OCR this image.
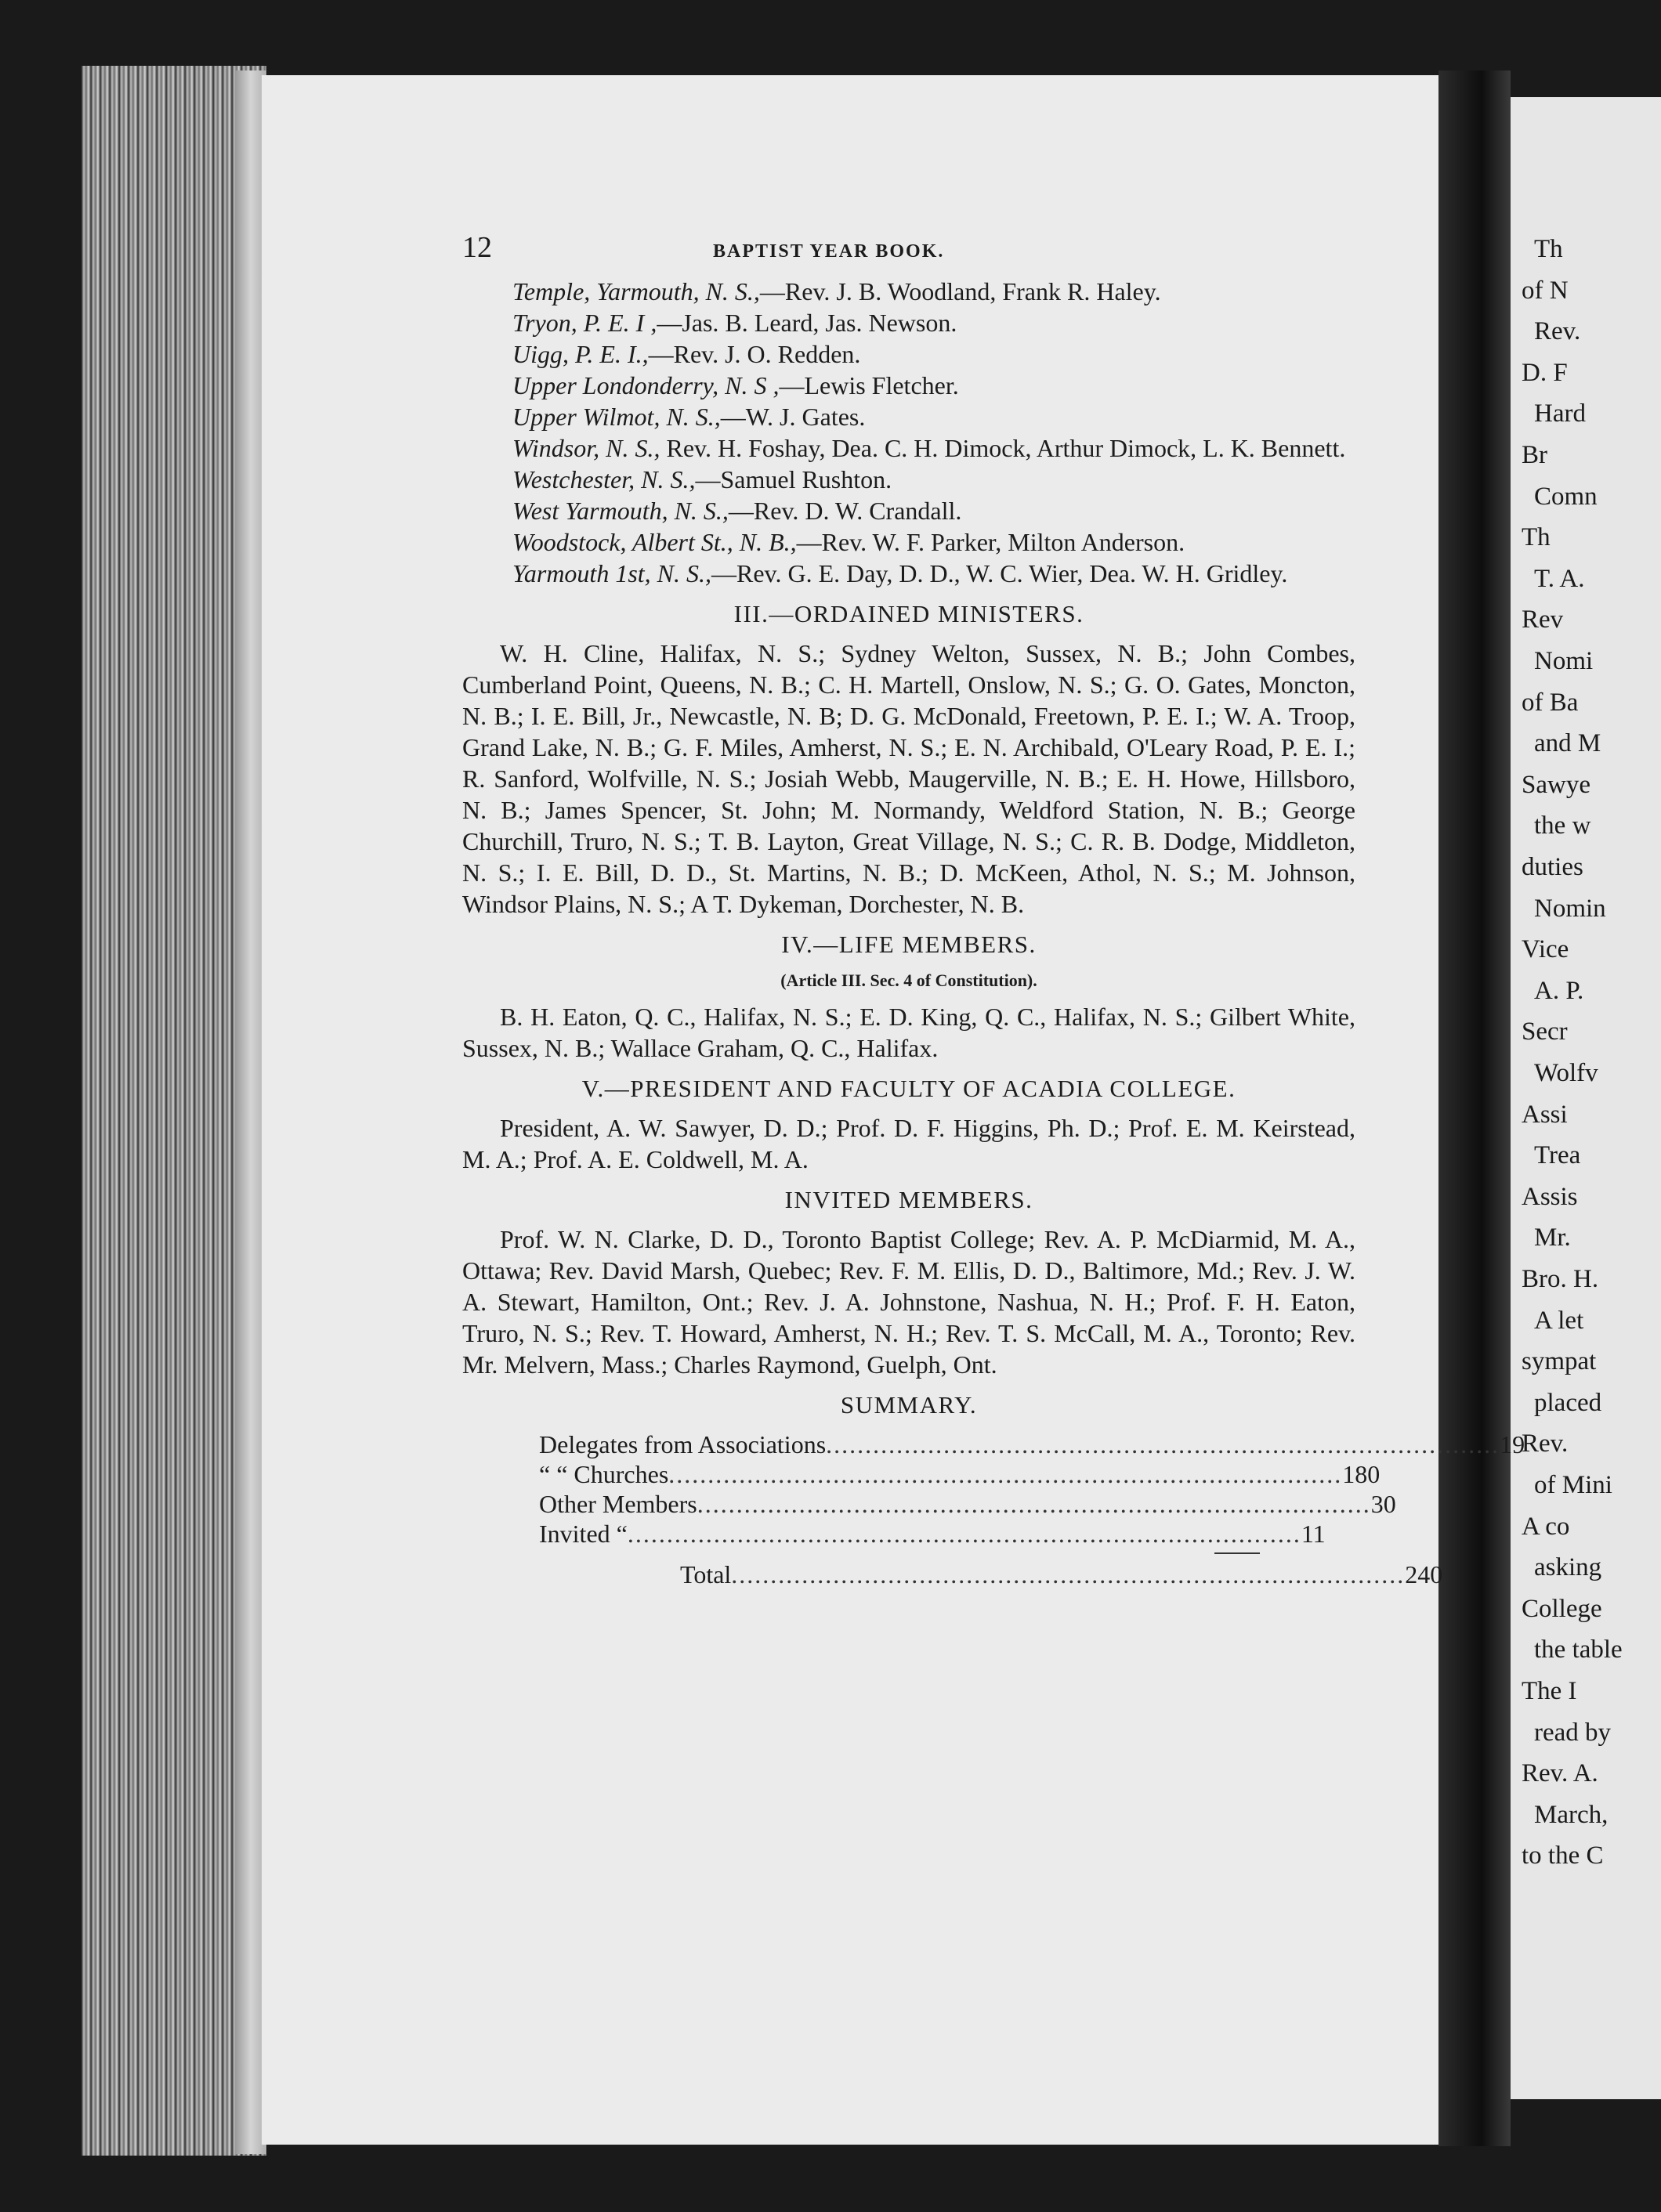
Th
of N
Rev.
D. F
Hard
Br
Comn
Th
T. A.
Rev
Nomi
of Ba
and M
Sawye
the w
duties
Nomin
Vice
A. P.
Secr
Wolfv
Assi
Trea
Assis
Mr.
Bro. H.
A let
sympat
placed
Rev.
of Mini
A co
asking
College
the table
The I
read by
Rev. A.
March,
to the C
12	BAPTIST YEAR BOOK.

Temple, Yarmouth, N. S.,—Rev. J. B. Woodland, Frank R. Haley.

Tryon, P. E. I ,—Jas. B. Leard, Jas. Newson.

Uigg, P. E. I.,—Rev. J. O. Redden.

Upper Londonderry, N. S ,—Lewis Fletcher.

Upper Wilmot, N. S.,—W. J. Gates.

Windsor, N. S., Rev. H. Foshay, Dea. C. H. Dimock, Arthur Dimock, L. K. Bennett.

Westchester, N. S.,—Samuel Rushton.

West Yarmouth, N. S.,—Rev. D. W. Crandall.

Woodstock, Albert St., N. B.,—Rev. W. F. Parker, Milton Anderson.

Yarmouth 1st, N. S.,—Rev. G. E. Day, D. D., W. C. Wier, Dea. W. H. Gridley.

III.—ORDAINED MINISTERS.

W. H. Cline, Halifax, N. S.; Sydney Welton, Sussex, N. B.; John Combes, Cumberland Point, Queens, N. B.; C. H. Martell, Onslow, N. S.; G. O. Gates, Moncton, N. B.; I. E. Bill, Jr., Newcastle, N. B; D. G. McDonald, Freetown, P. E. I.; W. A. Troop, Grand Lake, N. B.; G. F. Miles, Amherst, N. S.; E. N. Archibald, O'Leary Road, P. E. I.; R. Sanford, Wolfville, N. S.; Josiah Webb, Maugerville, N. B.; E. H. Howe, Hillsboro, N. B.; James Spencer, St. John; M. Normandy, Weldford Station, N. B.; George Churchill, Truro, N. S.; T. B. Layton, Great Village, N. S.; C. R. B. Dodge, Middleton, N. S.; I. E. Bill, D. D., St. Martins, N. B.; D. McKeen, Athol, N. S.; M. Johnson, Windsor Plains, N. S.; A T. Dykeman, Dorchester, N. B.

IV.—LIFE MEMBERS.
(Article III. Sec. 4 of Constitution).

B. H. Eaton, Q. C., Halifax, N. S.; E. D. King, Q. C., Halifax, N. S.; Gilbert White, Sussex, N. B.; Wallace Graham, Q. C., Halifax.

V.—PRESIDENT AND FACULTY OF ACADIA COLLEGE.

President, A. W. Sawyer, D. D.; Prof. D. F. Higgins, Ph. D.; Prof. E. M. Keirstead, M. A.; Prof. A. E. Coldwell, M. A.

INVITED MEMBERS.

Prof. W. N. Clarke, D. D., Toronto Baptist College; Rev. A. P. McDiarmid, M. A., Ottawa; Rev. David Marsh, Quebec; Rev. F. M. Ellis, D. D., Baltimore, Md.; Rev. J. W. A. Stewart, Hamilton, Ont.; Rev. J. A. Johnstone, Nashua, N. H.; Prof. F. H. Eaton, Truro, N. S.; Rev. T. Howard, Amherst, N. H.; Rev. T. S. McCall, M. A., Toronto; Rev. Mr. Melvern, Mass.; Charles Raymond, Guelph, Ont.

SUMMARY.
Delegates from Associations ...................................................................................... 19
“ “ Churches ...................................................................................... 180
Other Members ...................................................................................... 30
Invited “ ...................................................................................... 11
Total ...................................................................................... 240
